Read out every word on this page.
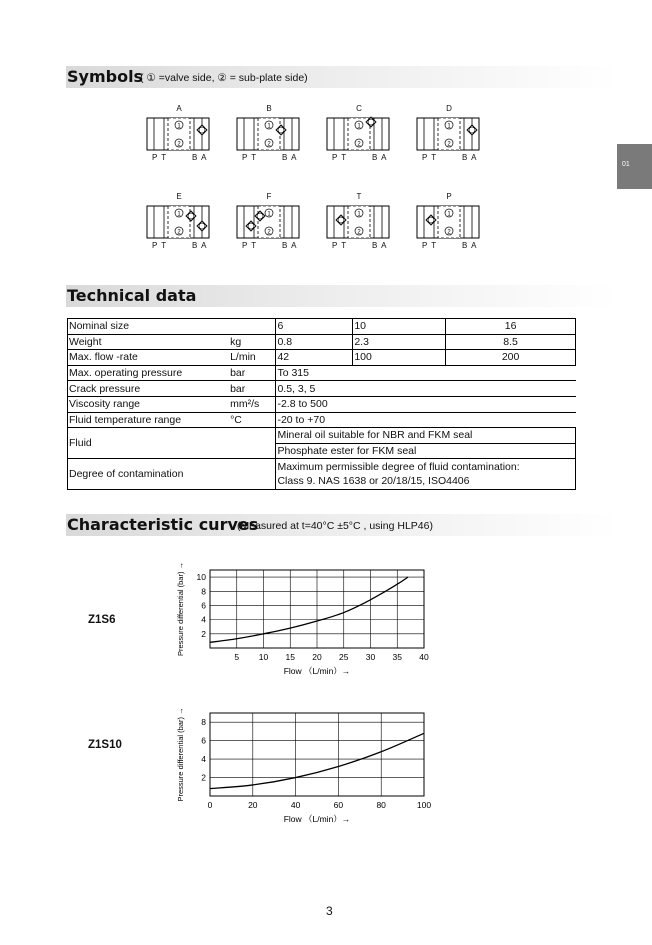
01
Symbols
( ① =valve side, ② = sub-plate side)
A
1
2
P T	B A
B
1
2
P T	B A
C
1
2
P T	B A
D
1
2
P T	B A
E
1
2
P T	B A
F
1
2
P T	B A
T
1
2
P T	B A
P
1
2
P T	B A
Technical data
Nominal size		6	10	16
Weight	kg	0.8	2.3	8.5
Max. flow -rate	L/min	42	100	200
Max. operating pressure	bar	To 315		
Crack pressure	bar	0.5, 3, 5		
Viscosity range	mm²/s	-2.8 to 500		
Fluid temperature range	°C	-20 to +70		
Fluid		Mineral oil suitable for NBR and FKM seal		
		Phosphate ester for FKM seal		
Degree of contamination		Maximum permissible degree of fluid contamination:		
		Class 9. NAS 1638 or 20/18/15, ISO4406		
Characteristic curves
(Measured at t=40°C ±5°C , using HLP46)
Z1S6
Z1S10
5 10 15 20 25 30 35 40
2
4
6
8
10
Flow （L/min）→
Pressure differential (bar) →
0	20	40	60	80	100
2
4
6
8
Flow （L/min）→
Pressure differential (bar) →
3
